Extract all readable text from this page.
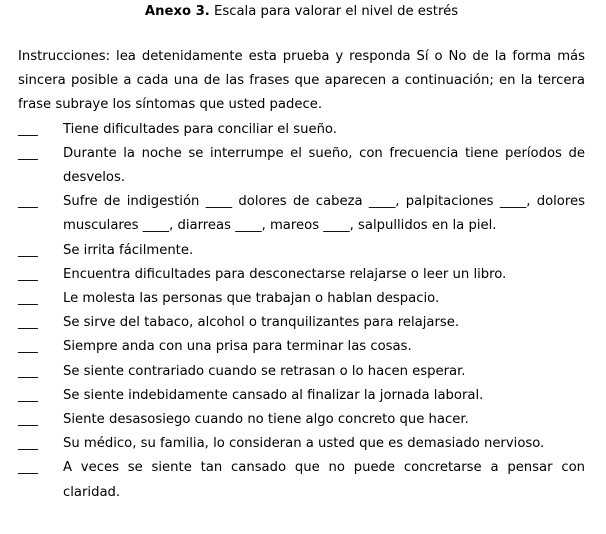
Anexo 3. Escala para valorar el nivel de estrés
Instrucciones: lea detenidamente esta prueba y responda Sí o No de la forma más sincera posible a cada una de las frases que aparecen a continuación; en la tercera frase subraye los síntomas que usted padece.
___	Tiene dificultades para conciliar el sueño.
___	Durante la noche se interrumpe el sueño, con frecuencia tiene períodos de desvelos.
___	Sufre de indigestión ____ dolores de cabeza ____, palpitaciones ____, dolores musculares ____, diarreas ____, mareos ____, salpullidos en la piel.
___	Se irrita fácilmente.
___	Encuentra dificultades para desconectarse relajarse o leer un libro.
___	Le molesta las personas que trabajan o hablan despacio.
___	Se sirve del tabaco, alcohol o tranquilizantes para relajarse.
___	Siempre anda con una prisa para terminar las cosas.
___	Se siente contrariado cuando se retrasan o lo hacen esperar.
___	Se siente indebidamente cansado al finalizar la jornada laboral.
___	Siente desasosiego cuando no tiene algo concreto que hacer.
___	Su médico, su familia, lo consideran a usted que es demasiado nervioso.
___	A veces se siente tan cansado que no puede concretarse a pensar con claridad.
